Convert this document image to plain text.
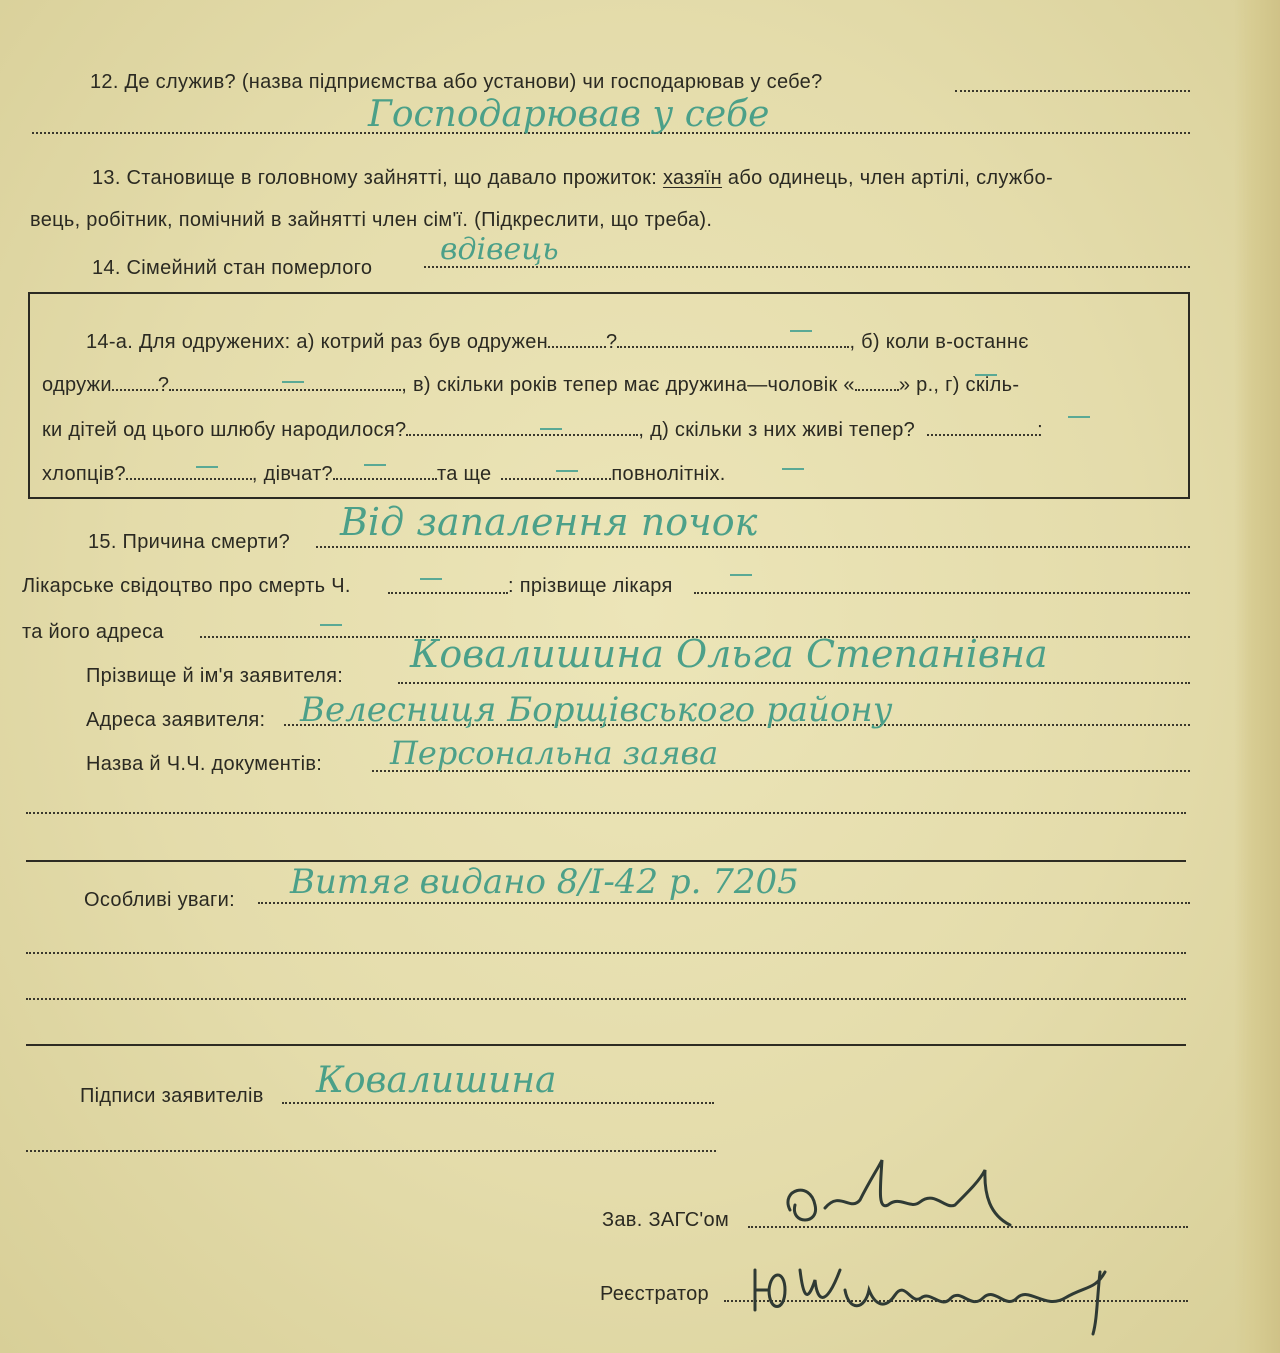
12. Де служив? (назва підприємства або установи) чи господарював у себе?
Господарював у себе
13. Становище в головному зайнятті, що давало прожиток: хазяїн або одинець, член артілі, службо-
вець, робітник, помічний в зайнятті член сім'ї. (Підкреслити, що треба).
14. Сімейний стан померлого
вдівець
14-а. Для одружених: а) котрий раз був одружен	?	, б) коли в-останнє
одружи ?	, в) скільки років тепер має дружина—чоловік « » р., г) скіль-
ки дітей од цього шлюбу народилося?	, д) скільки з них живі тепер?	:
хлопців?	, дівчат?	та ще	повнолітніх.
15. Причина смерти? Від запалення почок
Лікарське свідоцтво про смерть Ч.	: прізвище лікаря
та його адреса
Прізвище й ім'я заявителя: Ковалишина Ольга Степанівна
Адреса заявителя: Велесниця Борщівського району
Назва й Ч.Ч. документів: Персональна заява
Особливі уваги: Витяг видано 8/І-42 р. 7205
Підписи заявителів Ковалишина
Зав. ЗАГС'ом
Реєстратор
